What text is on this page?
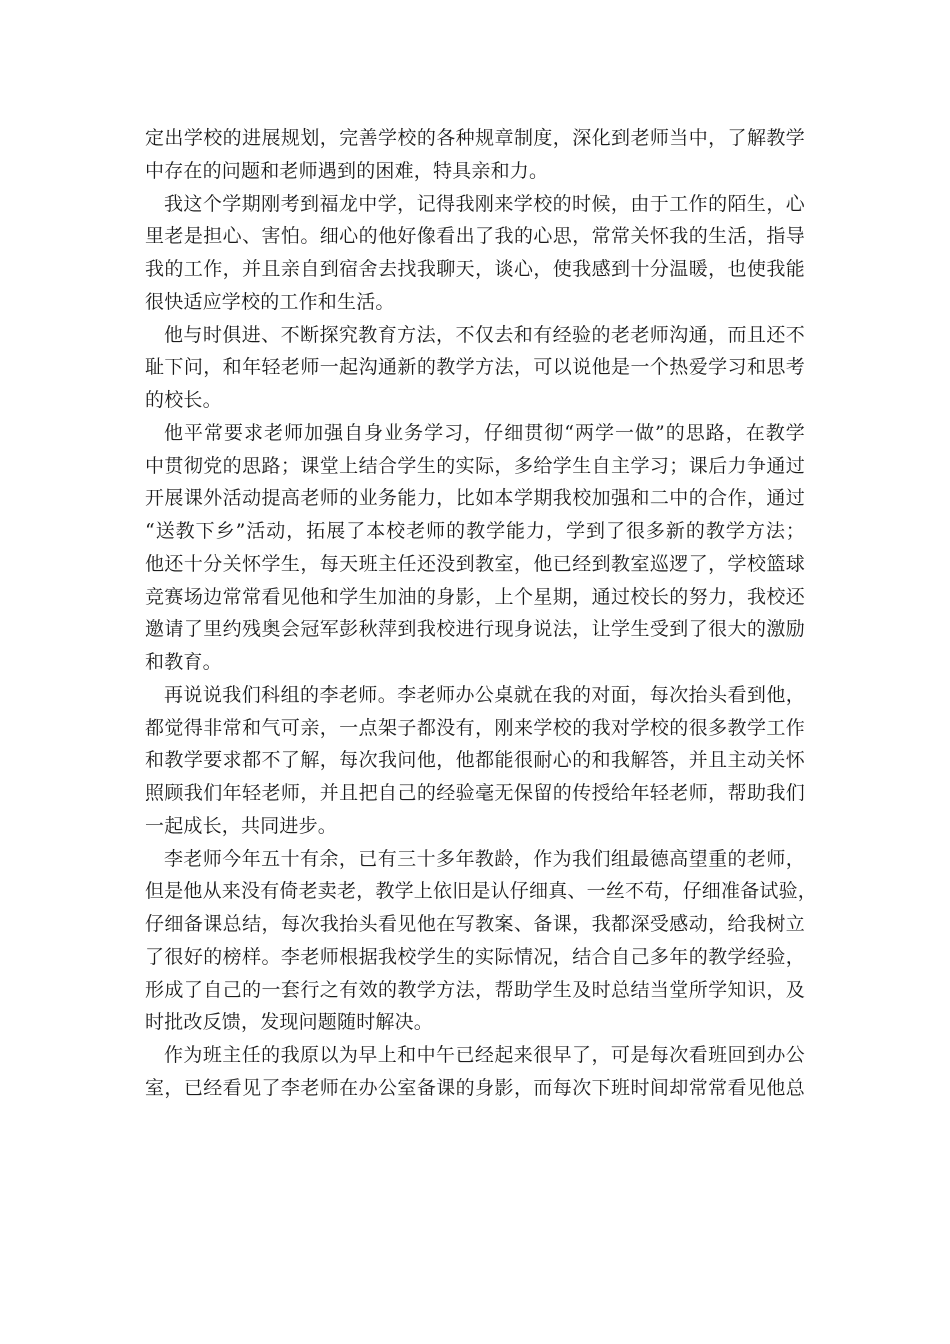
定出学校的进展规划，完善学校的各种规章制度，深化到老师当中，了解教学
中存在的问题和老师遇到的困难，特具亲和力。
我这个学期刚考到福龙中学，记得我刚来学校的时候，由于工作的陌生，心
里老是担心、害怕。细心的他好像看出了我的心思，常常关怀我的生活，指导
我的工作，并且亲自到宿舍去找我聊天，谈心，使我感到十分温暖，也使我能
很快适应学校的工作和生活。
他与时俱进、不断探究教育方法，不仅去和有经验的老老师沟通，而且还不
耻下问，和年轻老师一起沟通新的教学方法，可以说他是一个热爱学习和思考
的校长。
他平常要求老师加强自身业务学习，仔细贯彻“两学一做”的思路，在教学
中贯彻党的思路；课堂上结合学生的实际，多给学生自主学习；课后力争通过
开展课外活动提高老师的业务能力，比如本学期我校加强和二中的合作，通过
“送教下乡”活动，拓展了本校老师的教学能力，学到了很多新的教学方法；
他还十分关怀学生，每天班主任还没到教室，他已经到教室巡逻了，学校篮球
竞赛场边常常看见他和学生加油的身影，上个星期，通过校长的努力，我校还
邀请了里约残奥会冠军彭秋萍到我校进行现身说法，让学生受到了很大的激励
和教育。
再说说我们科组的李老师。李老师办公桌就在我的对面，每次抬头看到他，
都觉得非常和气可亲，一点架子都没有，刚来学校的我对学校的很多教学工作
和教学要求都不了解，每次我问他，他都能很耐心的和我解答，并且主动关怀
照顾我们年轻老师，并且把自己的经验毫无保留的传授给年轻老师，帮助我们
一起成长，共同进步。
李老师今年五十有余，已有三十多年教龄，作为我们组最德高望重的老师，
但是他从来没有倚老卖老，教学上依旧是认仔细真、一丝不苟，仔细准备试验，
仔细备课总结，每次我抬头看见他在写教案、备课，我都深受感动，给我树立
了很好的榜样。李老师根据我校学生的实际情况，结合自己多年的教学经验，
形成了自己的一套行之有效的教学方法，帮助学生及时总结当堂所学知识，及
时批改反馈，发现问题随时解决。
作为班主任的我原以为早上和中午已经起来很早了，可是每次看班回到办公
室，已经看见了李老师在办公室备课的身影，而每次下班时间却常常看见他总
